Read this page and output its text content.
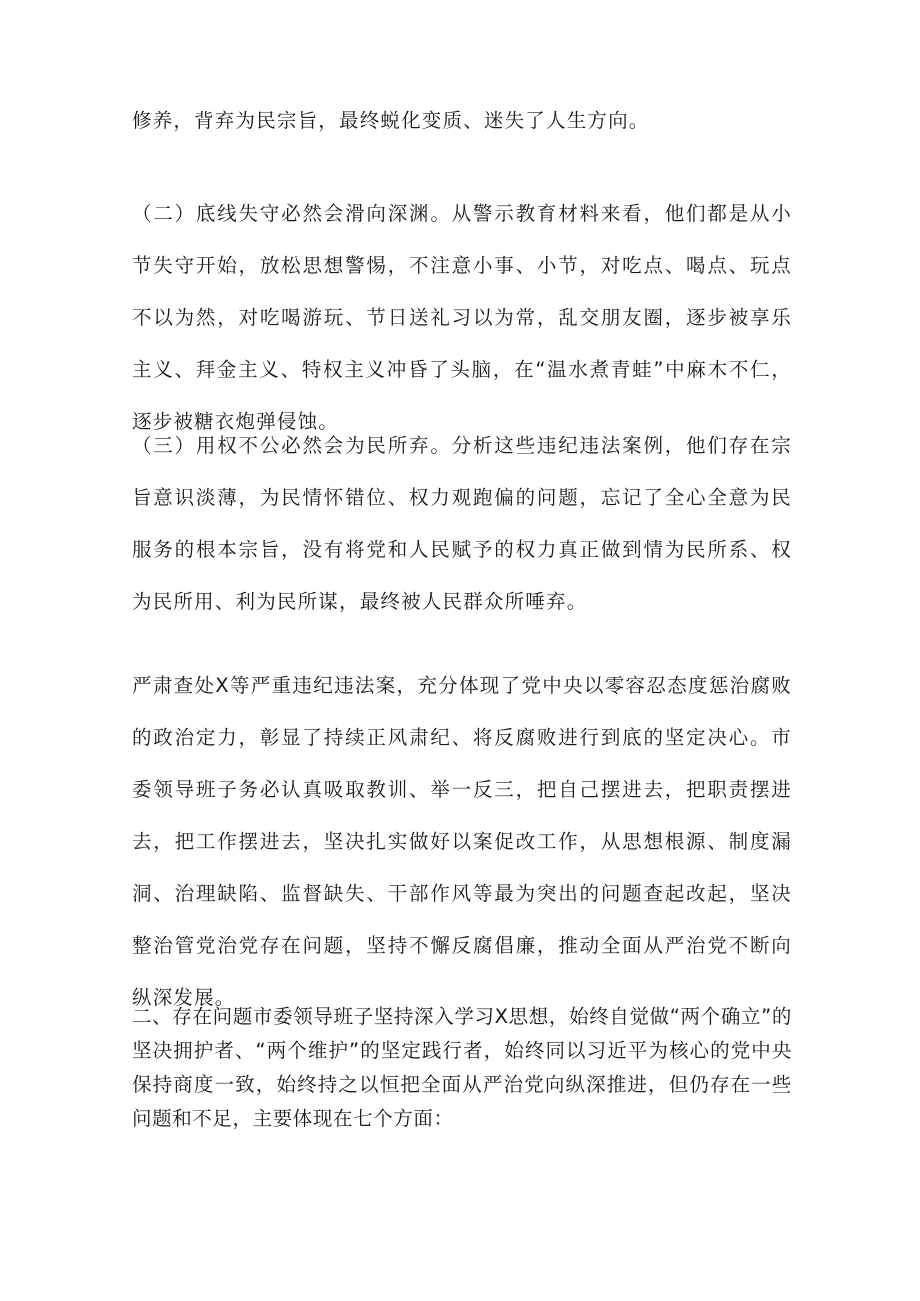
修养，背弃为民宗旨，最终蜕化变质、迷失了人生方向。

（二）底线失守必然会滑向深渊。从警示教育材料来看，他们都是从小节失守开始，放松思想警惕，不注意小事、小节，对吃点、喝点、玩点不以为然，对吃喝游玩、节日送礼习以为常，乱交朋友圈，逐步被享乐主义、拜金主义、特权主义冲昏了头脑，在“温水煮青蛙”中麻木不仁，逐步被糖衣炮弹侵蚀。

（三）用权不公必然会为民所弃。分析这些违纪违法案例，他们存在宗旨意识淡薄，为民情怀错位、权力观跑偏的问题，忘记了全心全意为民服务的根本宗旨，没有将党和人民赋予的权力真正做到情为民所系、权为民所用、利为民所谋，最终被人民群众所唾弃。

严肃查处X等严重违纪违法案，充分体现了党中央以零容忍态度惩治腐败的政治定力，彰显了持续正风肃纪、将反腐败进行到底的坚定决心。市委领导班子务必认真吸取教训、举一反三，把自己摆进去，把职责摆进去，把工作摆进去，坚决扎实做好以案促改工作，从思想根源、制度漏洞、治理缺陷、监督缺失、干部作风等最为突出的问题查起改起，坚决整治管党治党存在问题，坚持不懈反腐倡廉，推动全面从严治党不断向纵深发展。

二、存在问题市委领导班子坚持深入学习X思想，始终自觉做“两个确立”的坚决拥护者、“两个维护”的坚定践行者，始终同以习近平为核心的党中央保持商度一致，始终持之以恒把全面从严治党向纵深推进，但仍存在一些问题和不足，主要体现在七个方面：
